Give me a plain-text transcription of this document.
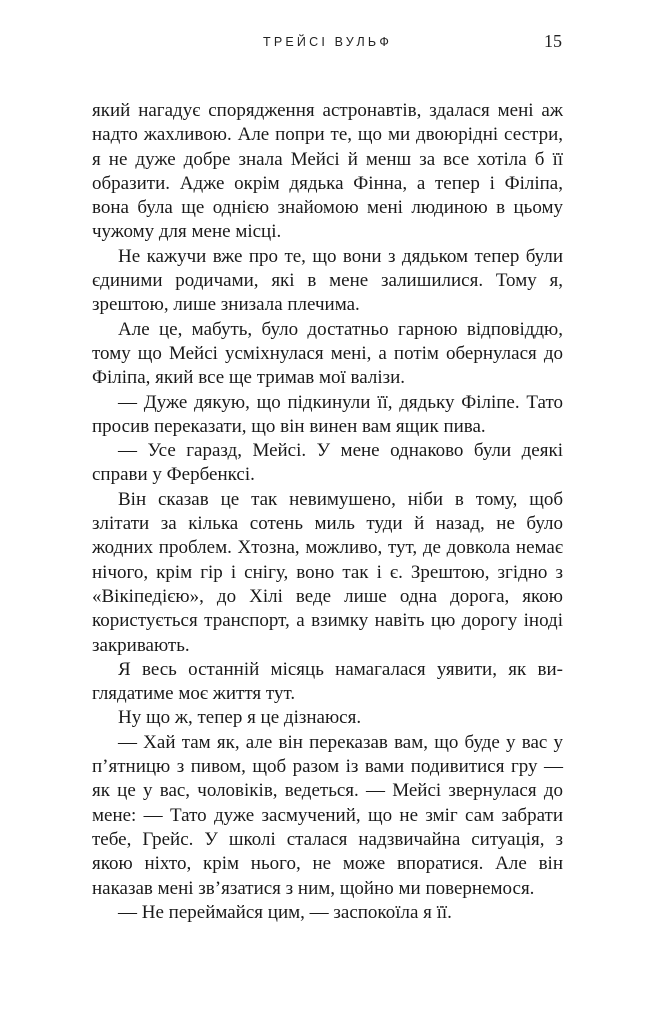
ТРЕЙСІ ВУЛЬФ	15

який нагадує спорядження астронавтів, здалася мені аж надто жахливою. Але попри те, що ми двоюрідні сестри, я не дуже добре знала Мейсі й менш за все хотіла б її образити. Адже окрім дядька Фінна, а тепер і Філіпа, вона була ще однією знайомою мені людиною в цьому чужому для мене місці.

Не кажучи вже про те, що вони з дядьком тепер були єдиними родичами, які в мене залишилися. Тому я, зрештою, лише знизала плечима.

Але це, мабуть, було достатньо гарною відповіддю, тому що Мейсі усміхнулася мені, а потім обернулася до Філіпа, який все ще тримав мої валізи.

— Дуже дякую, що підкинули її, дядьку Філіпе. Тато просив переказати, що він винен вам ящик пива.

— Усе гаразд, Мейсі. У мене однаково були деякі справи у Фербенксі.

Він сказав це так невимушено, ніби в тому, щоб злітати за кілька сотень миль туди й назад, не було жодних проблем. Хтозна, можливо, тут, де довкола немає нічого, крім гір і снігу, воно так і є. Зрештою, згідно з «Вікіпедією», до Хілі веде лише одна дорога, якою користується транспорт, а взимку навіть цю дорогу іноді закривають.

Я весь останній місяць намагалася уявити, як виглядатиме моє життя тут.

Ну що ж, тепер я це дізнаюся.

— Хай там як, але він переказав вам, що буде у вас у п’ятницю з пивом, щоб разом із вами подивитися гру — як це у вас, чоловіків, ведеться. — Мейсі звернулася до мене: — Тато дуже засмучений, що не зміг сам забрати тебе, Грейс. У школі сталася надзвичайна ситуація, з якою ніхто, крім нього, не може впоратися. Але він наказав мені зв’язатися з ним, щойно ми повернемося.

— Не переймайся цим, — заспокоїла я її.
